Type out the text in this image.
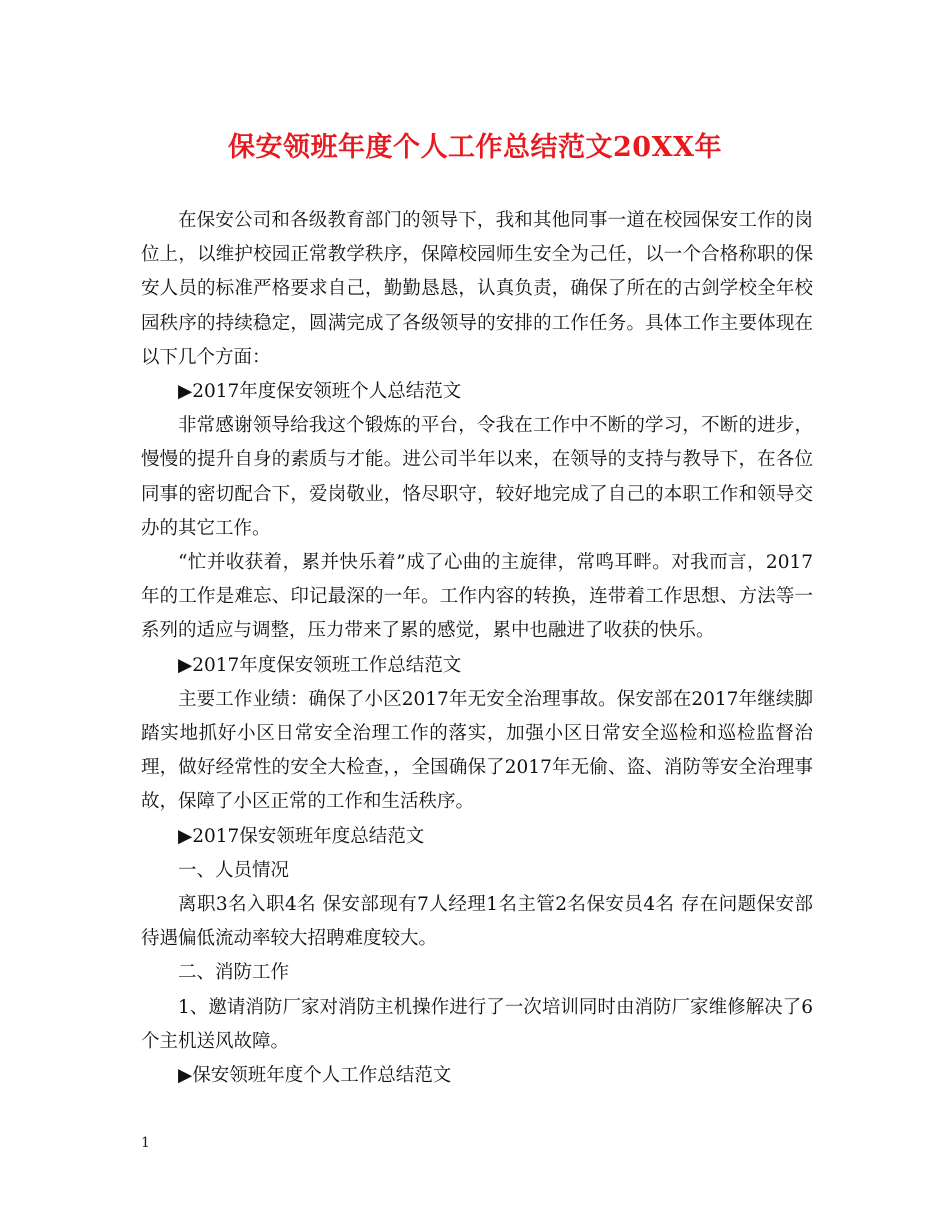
保安领班年度个人工作总结范文20XX年

在保安公司和各级教育部门的领导下，我和其他同事一道在校园保安工作的岗位上，以维护校园正常教学秩序，保障校园师生安全为己任，以一个合格称职的保安人员的标准严格要求自己，勤勤恳恳，认真负责，确保了所在的古剑学校全年校园秩序的持续稳定，圆满完成了各级领导的安排的工作任务。具体工作主要体现在以下几个方面：

▶2017年度保安领班个人总结范文

非常感谢领导给我这个锻炼的平台，令我在工作中不断的学习，不断的进步，慢慢的提升自身的素质与才能。进公司半年以来，在领导的支持与教导下，在各位同事的密切配合下，爱岗敬业，恪尽职守，较好地完成了自己的本职工作和领导交办的其它工作。

“忙并收获着，累并快乐着”成了心曲的主旋律，常鸣耳畔。对我而言，2017年的工作是难忘、印记最深的一年。工作内容的转换，连带着工作思想、方法等一系列的适应与调整，压力带来了累的感觉，累中也融进了收获的快乐。

▶2017年度保安领班工作总结范文

主要工作业绩：确保了小区2017年无安全治理事故。保安部在2017年继续脚踏实地抓好小区日常安全治理工作的落实，加强小区日常安全巡检和巡检监督治理，做好经常性的安全大检查，，全国确保了2017年无偷、盗、消防等安全治理事故，保障了小区正常的工作和生活秩序。

▶2017保安领班年度总结范文

一、人员情况

离职3名入职4名 保安部现有7人经理1名主管2名保安员4名 存在问题保安部待遇偏低流动率较大招聘难度较大。

二、消防工作

1、邀请消防厂家对消防主机操作进行了一次培训同时由消防厂家维修解决了6个主机送风故障。

▶保安领班年度个人工作总结范文

1
